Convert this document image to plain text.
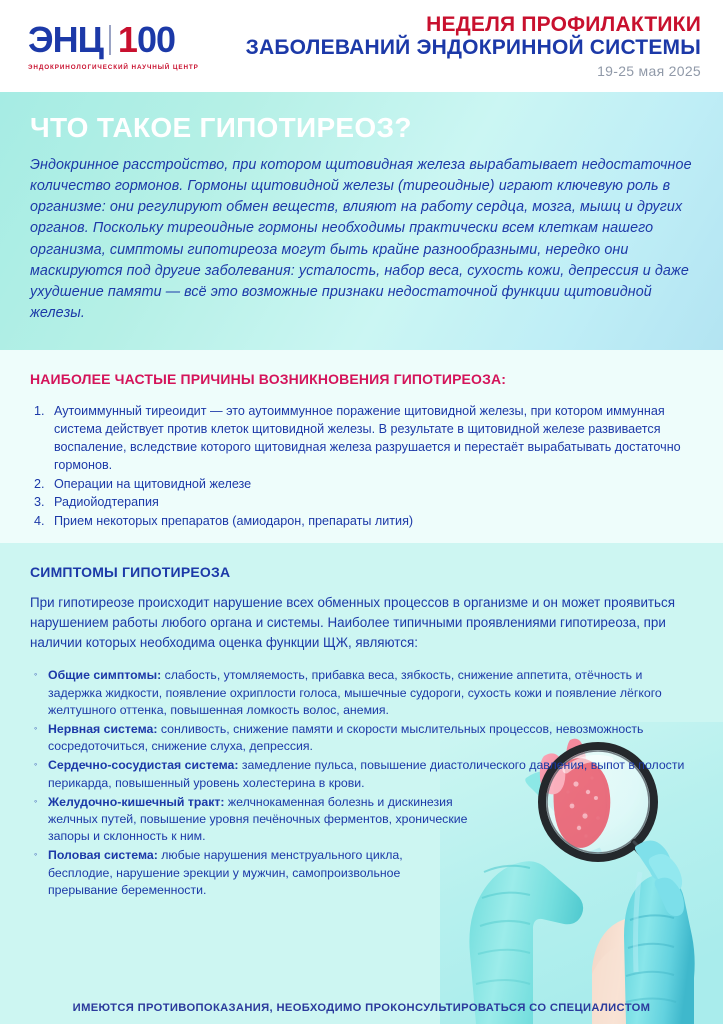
ЭНЦ 100
ЭНДОКРИНОЛОГИЧЕСКИЙ НАУЧНЫЙ ЦЕНТР
НЕДЕЛЯ ПРОФИЛАКТИКИ
ЗАБОЛЕВАНИЙ ЭНДОКРИННОЙ СИСТЕМЫ
19-25 мая 2025
ЧТО ТАКОЕ ГИПОТИРЕОЗ?
Эндокринное расстройство, при котором щитовидная железа вырабатывает недостаточное количество гормонов. Гормоны щитовидной железы (тиреоидные) играют ключевую роль в организме: они регулируют обмен веществ, влияют на работу сердца, мозга, мышц и других органов. Поскольку тиреоидные гормоны необходимы практически всем клеткам нашего организма, симптомы гипотиреоза могут быть крайне разнообразными, нередко они маскируются под другие заболевания: усталость, набор веса, сухость кожи, депрессия и даже ухудшение памяти — всё это возможные признаки недостаточной функции щитовидной железы.
НАИБОЛЕЕ ЧАСТЫЕ ПРИЧИНЫ ВОЗНИКНОВЕНИЯ ГИПОТИРЕОЗА:
1. Аутоиммунный тиреоидит — это аутоиммунное поражение щитовидной железы, при котором иммунная система действует против клеток щитовидной железы. В результате в щитовидной железе развивается воспаление, вследствие которого щитовидная железа разрушается и перестаёт вырабатывать достаточно гормонов.
2. Операции на щитовидной железе
3. Радиойодтерапия
4. Прием некоторых препаратов (амиодарон, препараты лития)
СИМПТОМЫ ГИПОТИРЕОЗА
При гипотиреозе происходит нарушение всех обменных процессов в организме и он может проявиться нарушением работы любого органа и системы. Наиболее типичными проявлениями гипотиреоза, при наличии которых необходима оценка функции ЩЖ, являются:
◦ Общие симптомы: слабость, утомляемость, прибавка веса, зябкость, снижение аппетита, отёчность и задержка жидкости, появление охриплости голоса, мышечные судороги, сухость кожи и появление лёгкого желтушного оттенка, повышенная ломкость волос, анемия.
◦ Нервная система: сонливость, снижение памяти и скорости мыслительных процессов, невозможность сосредоточиться, снижение слуха, депрессия.
◦ Сердечно-сосудистая система: замедление пульса, повышение диастолического давления, выпот в полости перикарда, повышенный уровень холестерина в крови.
◦ Желудочно-кишечный тракт: желчнокаменная болезнь и дискинезия желчных путей, повышение уровня печёночных ферментов, хронические запоры и склонность к ним.
◦ Половая система: любые нарушения менструального цикла, бесплодие, нарушение эрекции у мужчин, самопроизвольное прерывание беременности.
ИМЕЮТСЯ ПРОТИВОПОКАЗАНИЯ, НЕОБХОДИМО ПРОКОНСУЛЬТИРОВАТЬСЯ СО СПЕЦИАЛИСТОМ
